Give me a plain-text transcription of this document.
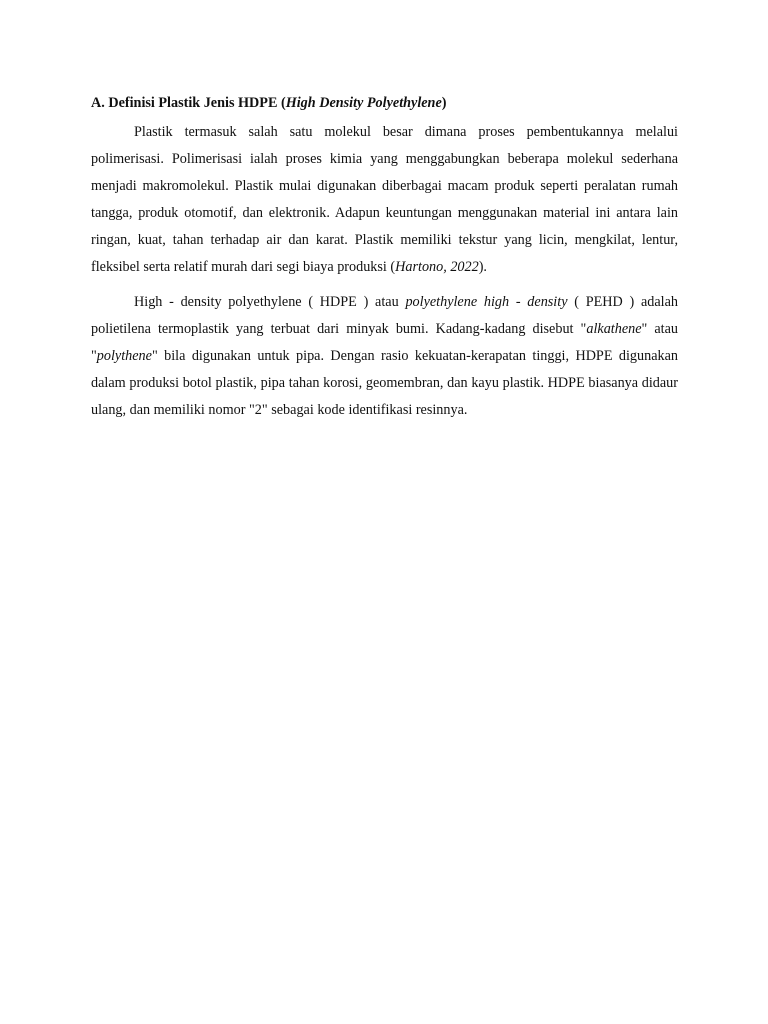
A. Definisi Plastik Jenis HDPE (High Density Polyethylene)

Plastik termasuk salah satu molekul besar dimana proses pembentukannya melalui polimerisasi. Polimerisasi ialah proses kimia yang menggabungkan beberapa molekul sederhana menjadi makromolekul. Plastik mulai digunakan diberbagai macam produk seperti peralatan rumah tangga, produk otomotif, dan elektronik. Adapun keuntungan menggunakan material ini antara lain ringan, kuat, tahan terhadap air dan karat. Plastik memiliki tekstur yang licin, mengkilat, lentur, fleksibel serta relatif murah dari segi biaya produksi (Hartono, 2022).

High - density polyethylene ( HDPE ) atau polyethylene high - density ( PEHD ) adalah polietilena termoplastik yang terbuat dari minyak bumi. Kadang-kadang disebut "alkathene" atau "polythene" bila digunakan untuk pipa. Dengan rasio kekuatan-kerapatan tinggi, HDPE digunakan dalam produksi botol plastik, pipa tahan korosi, geomembran, dan kayu plastik. HDPE biasanya didaur ulang, dan memiliki nomor "2" sebagai kode identifikasi resinnya.
